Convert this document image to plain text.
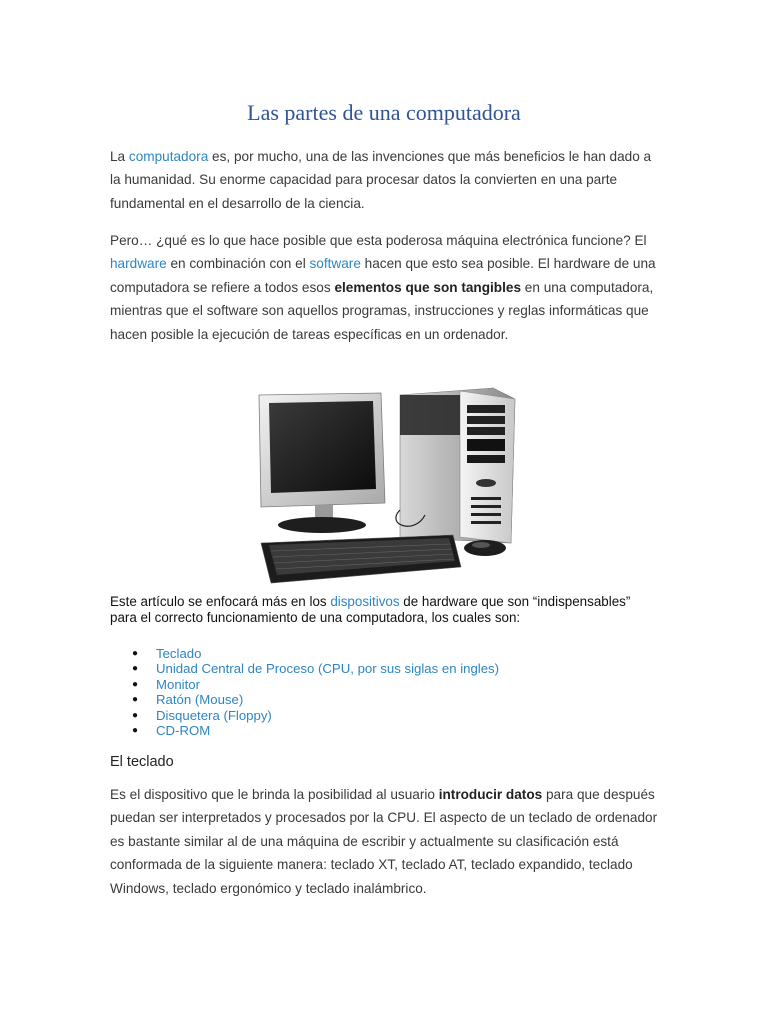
Las partes de una computadora

La computadora es, por mucho, una de las invenciones que más beneficios le han dado a la humanidad. Su enorme capacidad para procesar datos la convierten en una parte fundamental en el desarrollo de la ciencia.

Pero… ¿qué es lo que hace posible que esta poderosa máquina electrónica funcione? El hardware en combinación con el software hacen que esto sea posible. El hardware de una computadora se refiere a todos esos elementos que son tangibles en una computadora, mientras que el software son aquellos programas, instrucciones y reglas informáticas que hacen posible la ejecución de tareas específicas en un ordenador.

Este artículo se enfocará más en los dispositivos de hardware que son “indispensables” para el correcto funcionamiento de una computadora, los cuales son:

● Teclado
● Unidad Central de Proceso (CPU, por sus siglas en ingles)
● Monitor
● Ratón (Mouse)
● Disquetera (Floppy)
● CD-ROM
El teclado

Es el dispositivo que le brinda la posibilidad al usuario introducir datos para que después puedan ser interpretados y procesados por la CPU. El aspecto de un teclado de ordenador es bastante similar al de una máquina de escribir y actualmente su clasificación está conformada de la siguiente manera: teclado XT, teclado AT, teclado expandido, teclado Windows, teclado ergonómico y teclado inalámbrico.
